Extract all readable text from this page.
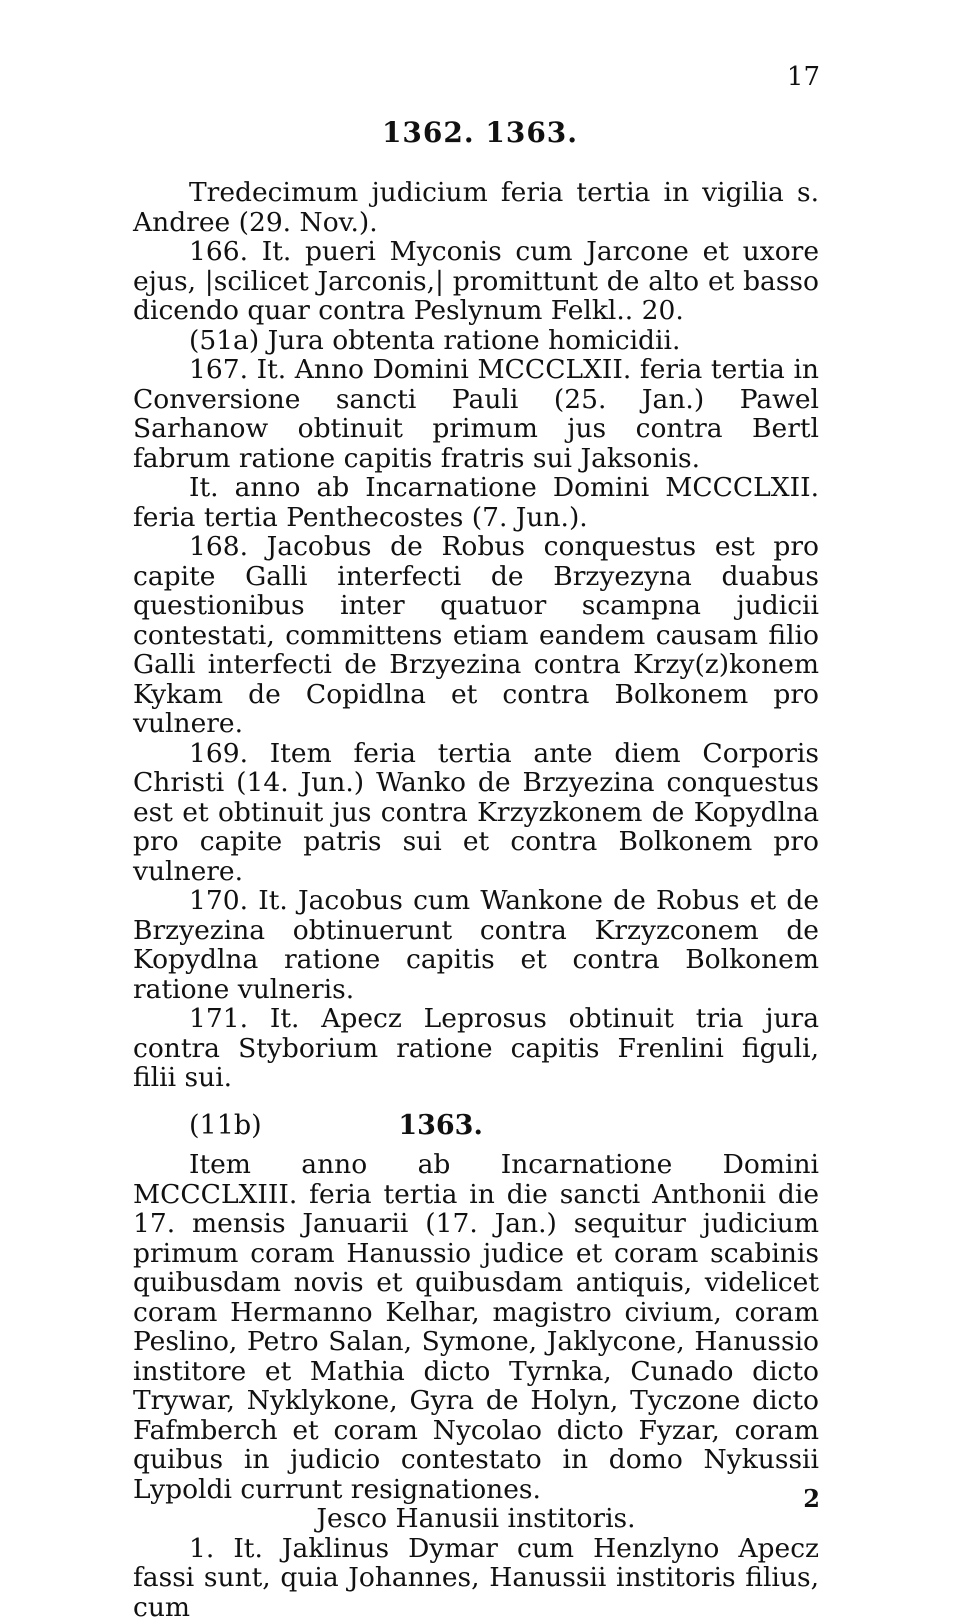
17
1362. 1363.

Tredecimum judicium feria tertia in vigilia s. Andree (29. Nov.).

166. It. pueri Myconis cum Jarcone et uxore ejus, |scilicet Jarconis,| promittunt de alto et basso dicendo quar contra Peslynum Felkl.. 20.

(51a) Jura obtenta ratione homicidii.

167. It. Anno Domini MCCCLXII. feria tertia in Conversione sancti Pauli (25. Jan.) Pawel Sarhanow obtinuit primum jus contra Bertl fabrum ratione capitis fratris sui Jaksonis.

It. anno ab Incarnatione Domini MCCCLXII. feria tertia Penthecostes (7. Jun.).

168. Jacobus de Robus conquestus est pro capite Galli interfecti de Brzyezyna duabus questionibus inter quatuor scampna judicii contestati, committens etiam eandem causam filio Galli interfecti de Brzyezina contra Krzy(z)konem Kykam de Copidlna et contra Bolkonem pro vulnere.

169. Item feria tertia ante diem Corporis Christi (14. Jun.) Wanko de Brzyezina conquestus est et obtinuit jus contra Krzyzkonem de Kopydlna pro capite patris sui et contra Bolkonem pro vulnere.

170. It. Jacobus cum Wankone de Robus et de Brzyezina obtinuerunt contra Krzyzconem de Kopydlna ratione capitis et contra Bolkonem ratione vulneris.

171. It. Apecz Leprosus obtinuit tria jura contra Styborium ratione capitis Frenlini figuli, filii sui.

(11b)	1363.

Item anno ab Incarnatione Domini MCCCLXIII. feria tertia in die sancti Anthonii die 17. mensis Januarii (17. Jan.) sequitur judicium primum coram Hanussio judice et coram scabinis quibusdam novis et quibusdam antiquis, videlicet coram Hermanno Kelhar, magistro civium, coram Peslino, Petro Salan, Symone, Jaklycone, Hanussio institore et Mathia dicto Tyrnka, Cunado dicto Trywar, Nyklykone, Gyra de Holyn, Tyczone dicto Fafmberch et coram Nycolao dicto Fyzar, coram quibus in judicio contestato in domo Nykussii Lypoldi currunt resignationes.

Jesco Hanusii institoris.

1. It. Jaklinus Dymar cum Henzlyno Apecz fassi sunt, quia Johannes, Hanussii institoris filius, cum

2
